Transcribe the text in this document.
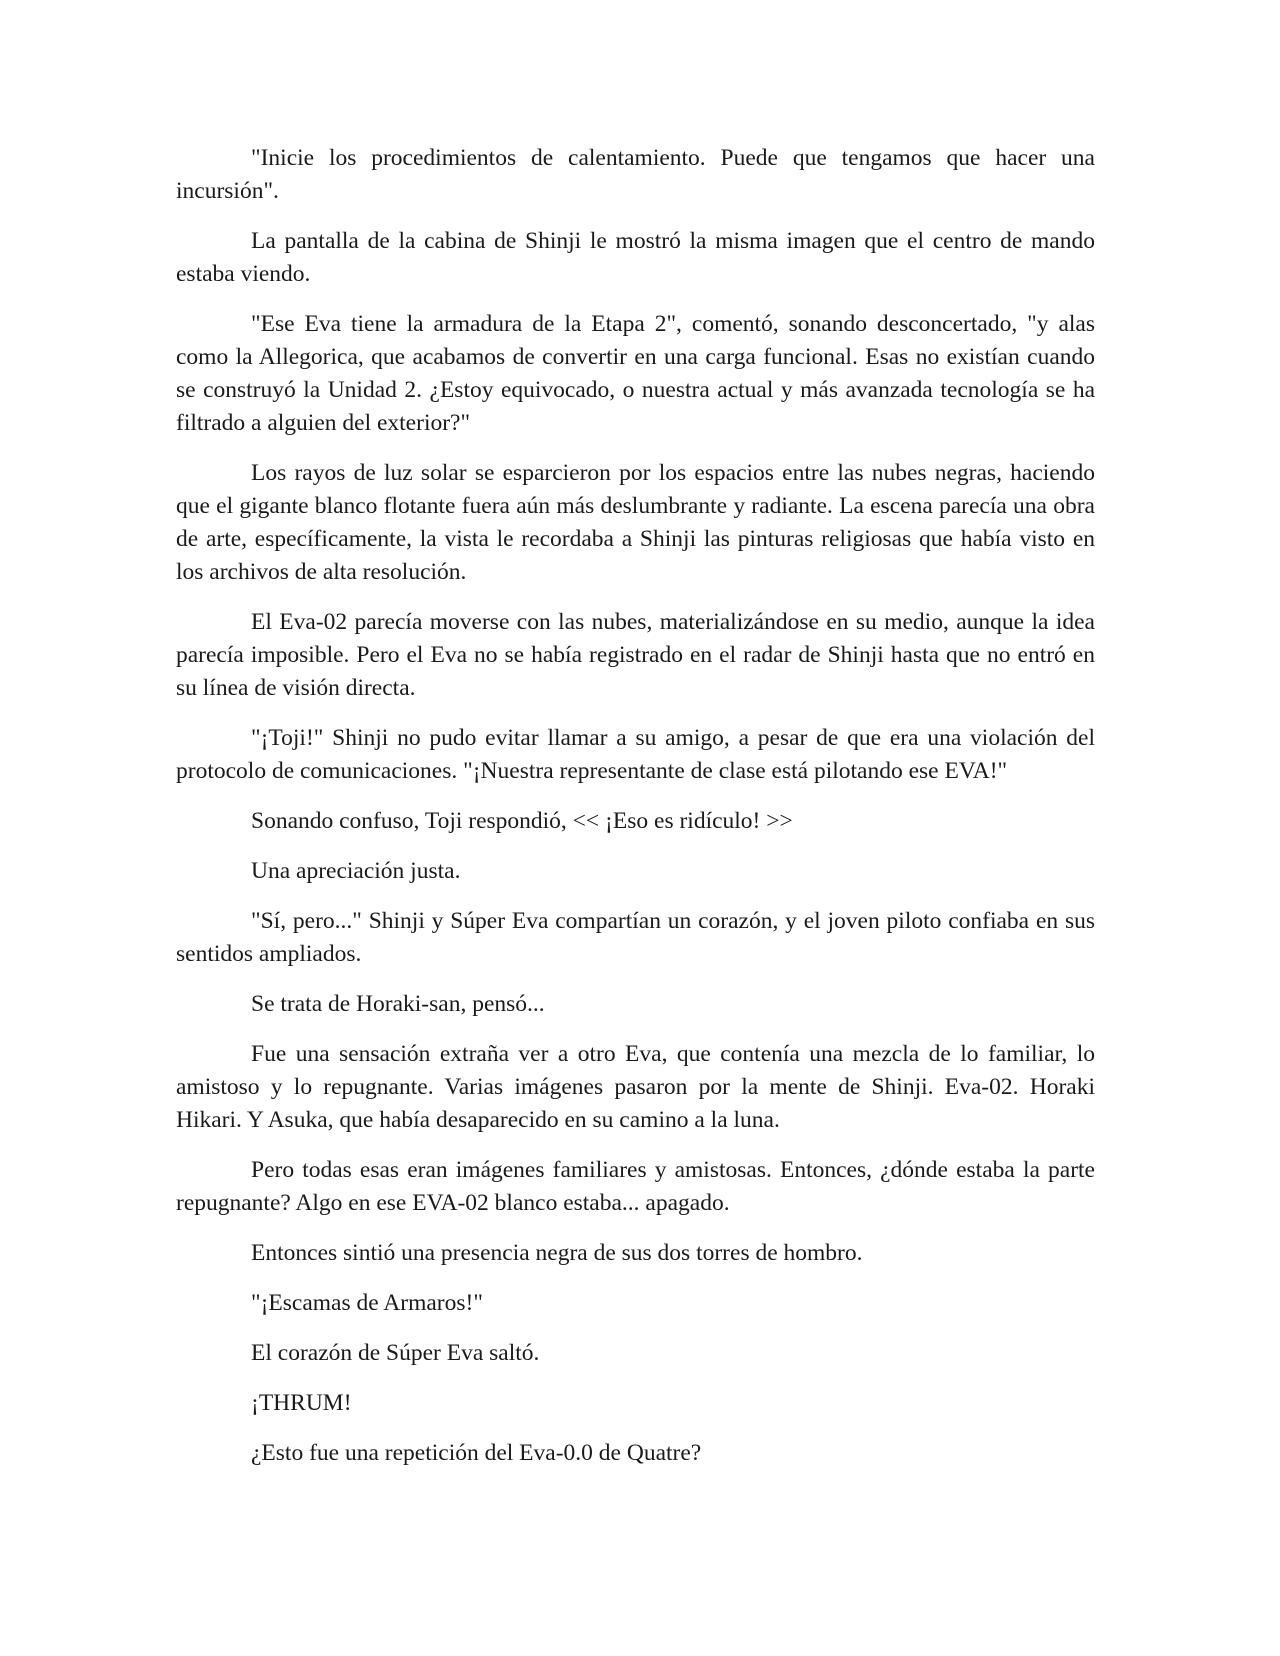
"Inicie los procedimientos de calentamiento. Puede que tengamos que hacer una incursión".

La pantalla de la cabina de Shinji le mostró la misma imagen que el centro de mando estaba viendo.

"Ese Eva tiene la armadura de la Etapa 2", comentó, sonando desconcertado, "y alas como la Allegorica, que acabamos de convertir en una carga funcional. Esas no existían cuando se construyó la Unidad 2. ¿Estoy equivocado, o nuestra actual y más avanzada tecnología se ha filtrado a alguien del exterior?"

Los rayos de luz solar se esparcieron por los espacios entre las nubes negras, haciendo que el gigante blanco flotante fuera aún más deslumbrante y radiante. La escena parecía una obra de arte, específicamente, la vista le recordaba a Shinji las pinturas religiosas que había visto en los archivos de alta resolución.

El Eva-02 parecía moverse con las nubes, materializándose en su medio, aunque la idea parecía imposible. Pero el Eva no se había registrado en el radar de Shinji hasta que no entró en su línea de visión directa.

"¡Toji!" Shinji no pudo evitar llamar a su amigo, a pesar de que era una violación del protocolo de comunicaciones. "¡Nuestra representante de clase está pilotando ese EVA!"

Sonando confuso, Toji respondió, << ¡Eso es ridículo! >>

Una apreciación justa.

"Sí, pero..." Shinji y Súper Eva compartían un corazón, y el joven piloto confiaba en sus sentidos ampliados.

Se trata de Horaki-san, pensó...

Fue una sensación extraña ver a otro Eva, que contenía una mezcla de lo familiar, lo amistoso y lo repugnante. Varias imágenes pasaron por la mente de Shinji. Eva-02. Horaki Hikari. Y Asuka, que había desaparecido en su camino a la luna.

Pero todas esas eran imágenes familiares y amistosas. Entonces, ¿dónde estaba la parte repugnante? Algo en ese EVA-02 blanco estaba... apagado.

Entonces sintió una presencia negra de sus dos torres de hombro.

"¡Escamas de Armaros!"

El corazón de Súper Eva saltó.

¡THRUM!

¿Esto fue una repetición del Eva-0.0 de Quatre?
